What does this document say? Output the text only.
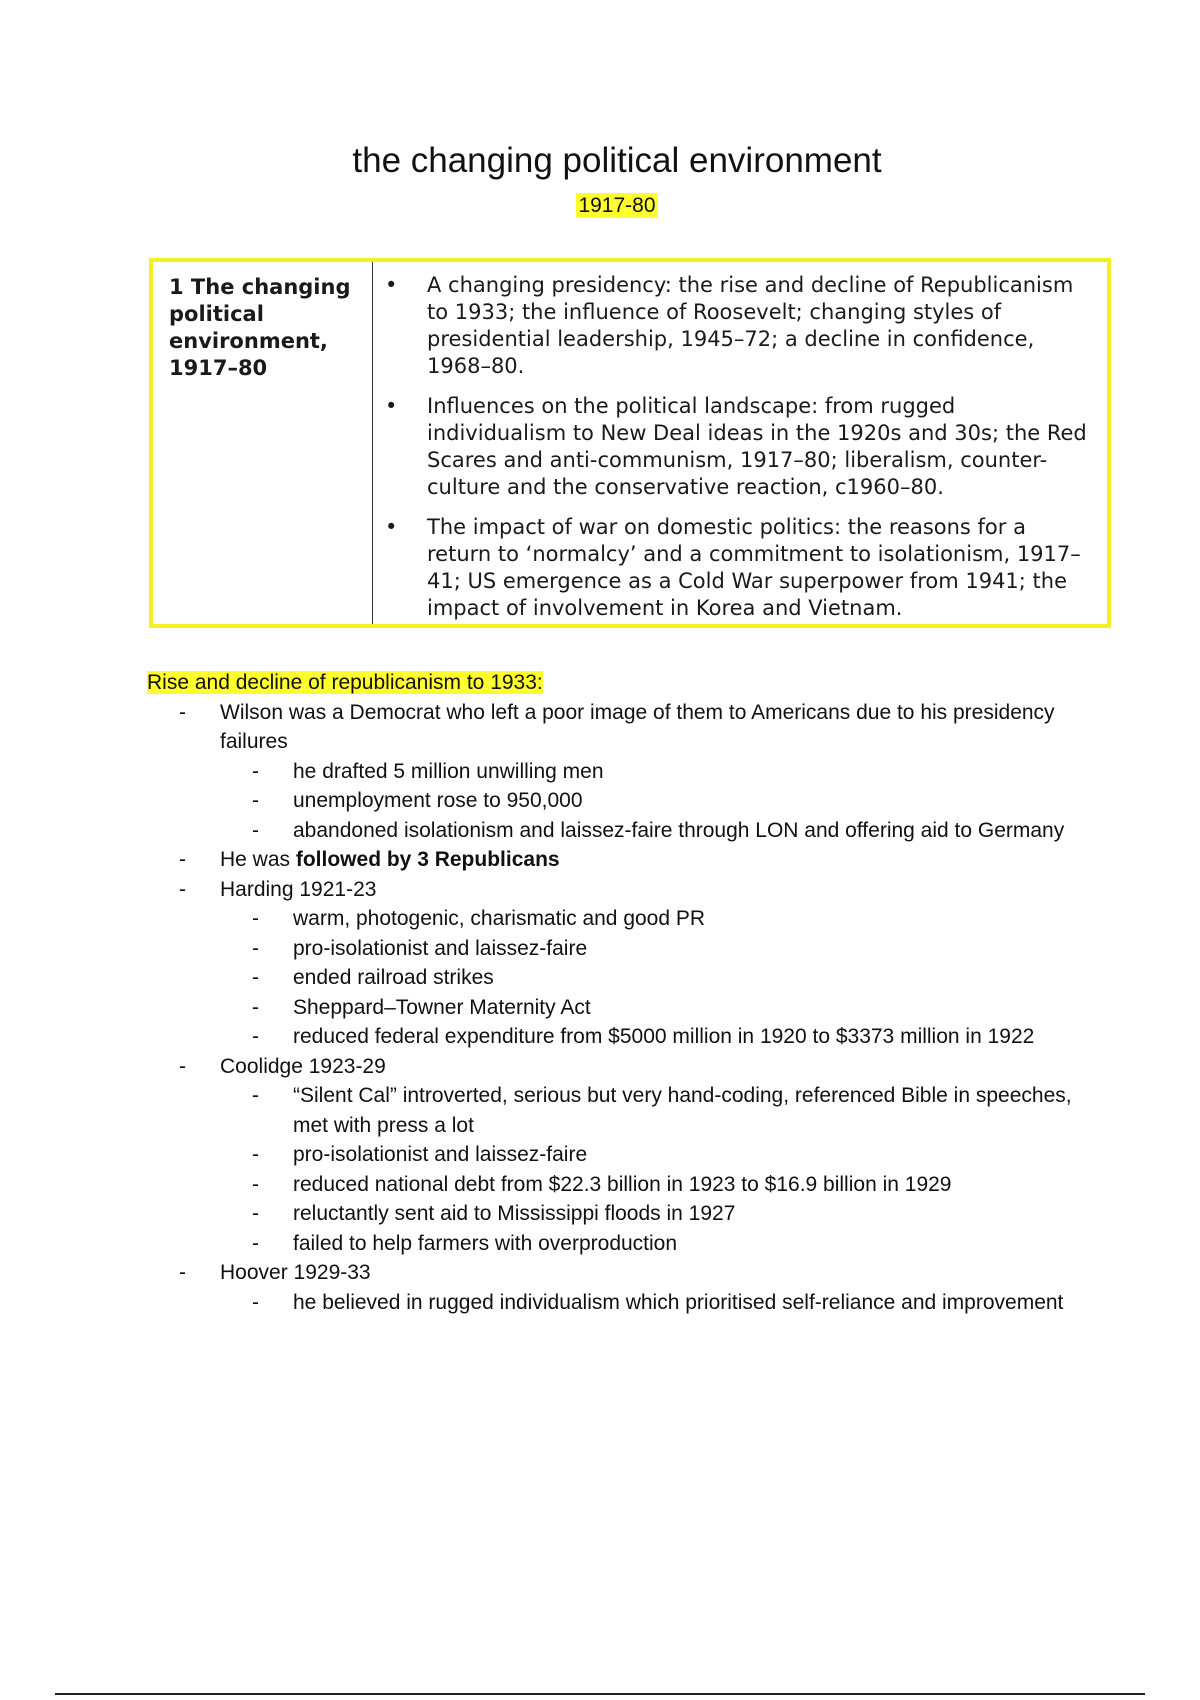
the changing political environment
1917-80
1 The changing political environment, 1917–80
•	A changing presidency: the rise and decline of Republicanism to 1933; the influence of Roosevelt; changing styles of presidential leadership, 1945–72; a decline in confidence, 1968–80.
•	Influences on the political landscape: from rugged individualism to New Deal ideas in the 1920s and 30s; the Red Scares and anti-communism, 1917–80; liberalism, counter-culture and the conservative reaction, c1960–80.
•	The impact of war on domestic politics: the reasons for a return to ‘normalcy’ and a commitment to isolationism, 1917–41; US emergence as a Cold War superpower from 1941; the impact of involvement in Korea and Vietnam.
Rise and decline of republicanism to 1933:
-	Wilson was a Democrat who left a poor image of them to Americans due to his presidency failures
-	he drafted 5 million unwilling men
-	unemployment rose to 950,000
-	abandoned isolationism and laissez-faire through LON and offering aid to Germany
-	He was followed by 3 Republicans
-	Harding 1921-23
-	warm, photogenic, charismatic and good PR
-	pro-isolationist and laissez-faire
-	ended railroad strikes
-	Sheppard–Towner Maternity Act
-	reduced federal expenditure from $5000 million in 1920 to $3373 million in 1922
-	Coolidge 1923-29
-	“Silent Cal” introverted, serious but very hand-coding, referenced Bible in speeches, met with press a lot
-	pro-isolationist and laissez-faire
-	reduced national debt from $22.3 billion in 1923 to $16.9 billion in 1929
-	reluctantly sent aid to Mississippi floods in 1927
-	failed to help farmers with overproduction
-	Hoover 1929-33
-	he believed in rugged individualism which prioritised self-reliance and improvement
